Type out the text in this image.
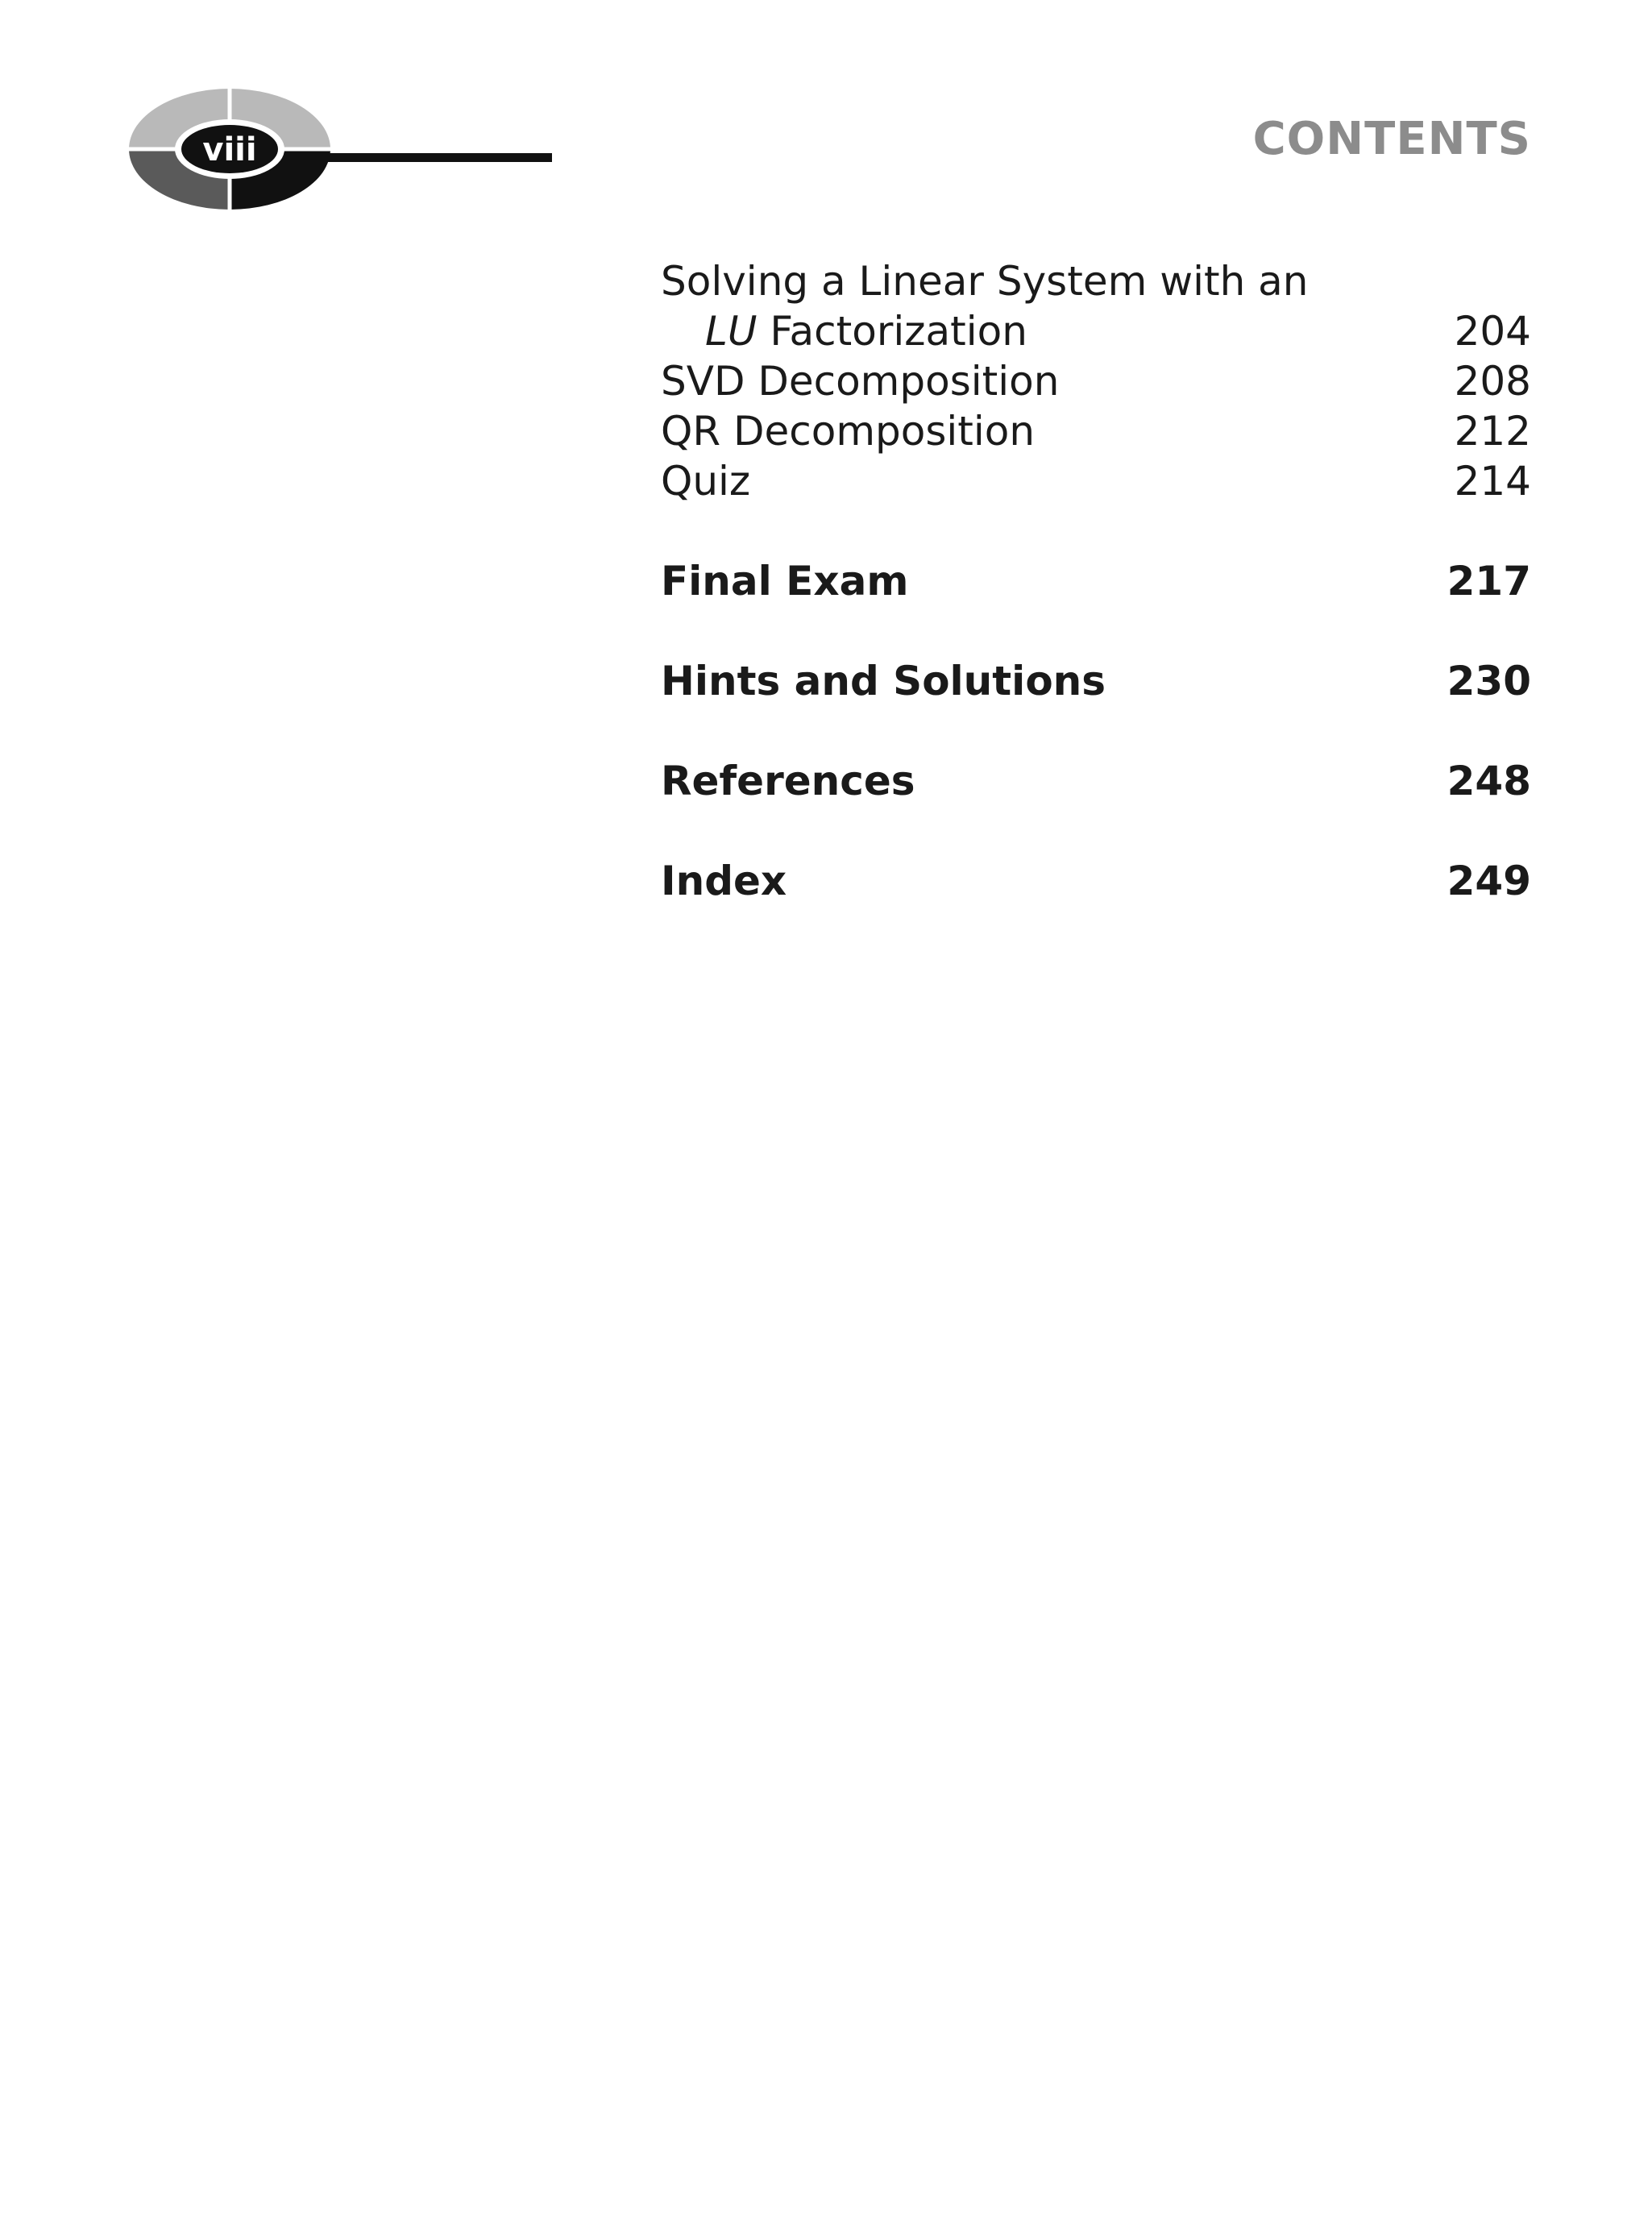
viii	CONTENTS
Solving a Linear System with an
LU Factorization	204
SVD Decomposition	208
QR Decomposition	212
Quiz	214
Final Exam	217
Hints and Solutions	230
References	248
Index	249
